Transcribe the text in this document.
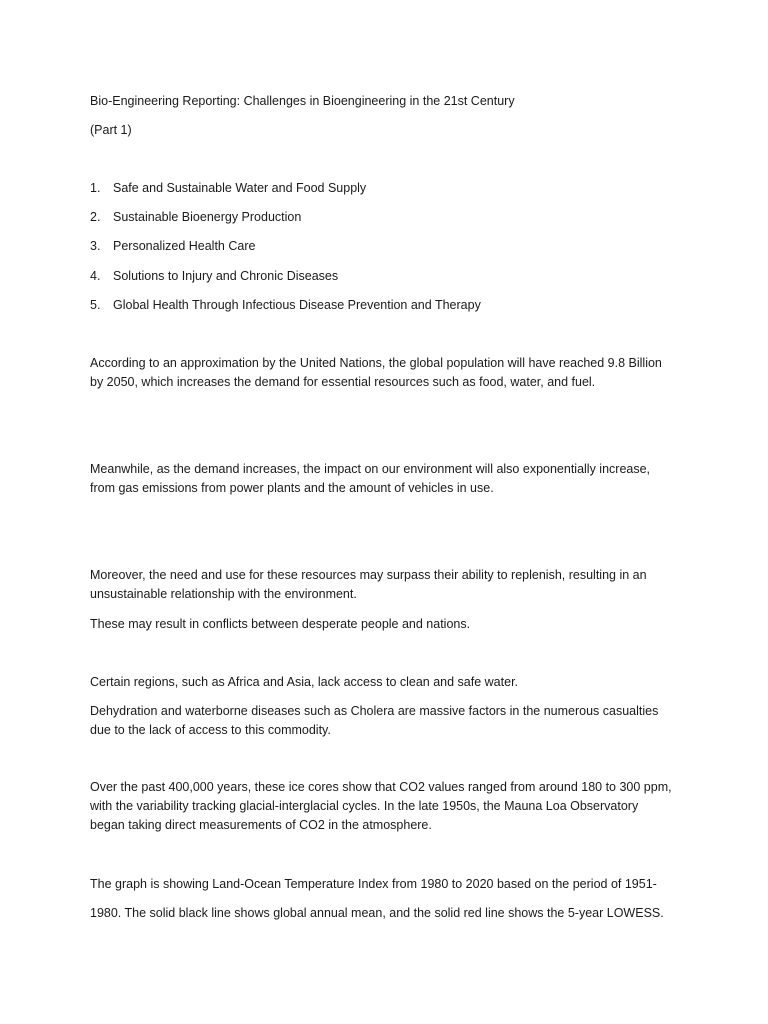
Bio-Engineering Reporting: Challenges in Bioengineering in the 21st Century

(Part 1)

1. Safe and Sustainable Water and Food Supply
2. Sustainable Bioenergy Production
3. Personalized Health Care
4. Solutions to Injury and Chronic Diseases
5. Global Health Through Infectious Disease Prevention and Therapy

According to an approximation by the United Nations, the global population will have reached 9.8 Billion

by 2050, which increases the demand for essential resources such as food, water, and fuel.

Meanwhile, as the demand increases, the impact on our environment will also exponentially increase,

from gas emissions from power plants and the amount of vehicles in use.

Moreover, the need and use for these resources may surpass their ability to replenish, resulting in an

unsustainable relationship with the environment.

These may result in conflicts between desperate people and nations.

Certain regions, such as Africa and Asia, lack access to clean and safe water.

Dehydration and waterborne diseases such as Cholera are massive factors in the numerous casualties

due to the lack of access to this commodity.

Over the past 400,000 years, these ice cores show that CO2 values ranged from around 180 to 300 ppm,

with the variability tracking glacial-interglacial cycles. In the late 1950s, the Mauna Loa Observatory

began taking direct measurements of CO2 in the atmosphere.

The graph is showing Land-Ocean Temperature Index from 1980 to 2020 based on the period of 1951-

1980. The solid black line shows global annual mean, and the solid red line shows the 5-year LOWESS.
